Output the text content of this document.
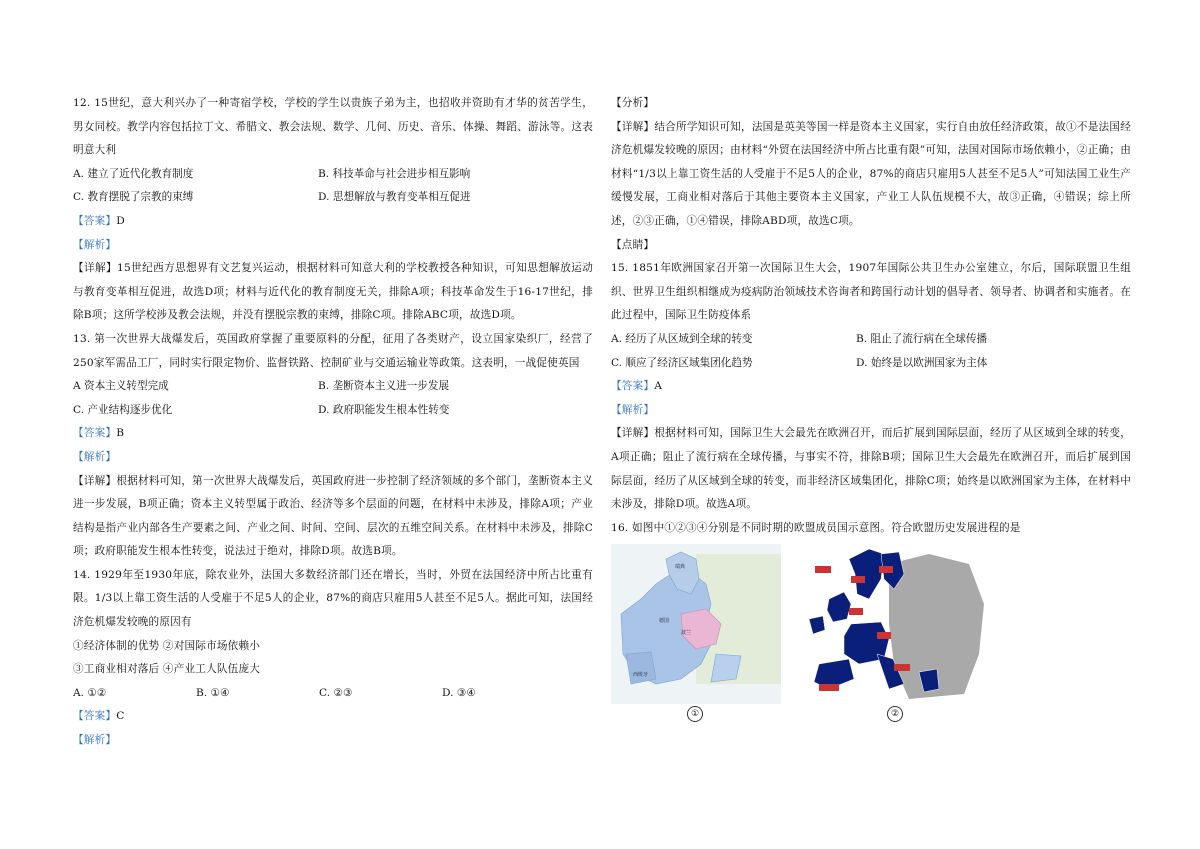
12. 15世纪，意大利兴办了一种寄宿学校，学校的学生以贵族子弟为主，也招收并资助有才华的贫苦学生，男女同校。教学内容包括拉丁文、希腊文、教会法规、数学、几何、历史、音乐、体操、舞蹈、游泳等。这表明意大利

A. 建立了近代化教育制度	B. 科技革命与社会进步相互影响
C. 教育摆脱了宗教的束缚	D. 思想解放与教育变革相互促进

【答案】D

【解析】

【详解】15世纪西方思想界有文艺复兴运动，根据材料可知意大利的学校教授各种知识，可知思想解放运动与教育变革相互促进，故选D项；材料与近代化的教育制度无关，排除A项；科技革命发生于16-17世纪，排除B项；这所学校涉及教会法规，并没有摆脱宗教的束缚，排除C项。排除ABC项，故选D项。

13. 第一次世界大战爆发后，英国政府掌握了重要原料的分配，征用了各类财产，设立国家染织厂，经营了250家军需品工厂，同时实行限定物价、监督铁路、控制矿业与交通运输业等政策。这表明，一战促使英国

A 资本主义转型完成	B. 垄断资本主义进一步发展
C. 产业结构逐步优化	D. 政府职能发生根本性转变

【答案】B

【解析】

【详解】根据材料可知，第一次世界大战爆发后，英国政府进一步控制了经济领域的多个部门，垄断资本主义进一步发展，B项正确；资本主义转型属于政治、经济等多个层面的问题，在材料中未涉及，排除A项；产业结构是指产业内部各生产要素之间、产业之间、时间、空间、层次的五维空间关系。在材料中未涉及，排除C项；政府职能发生根本性转变，说法过于绝对，排除D项。故选B项。

14. 1929年至1930年底，除农业外，法国大多数经济部门还在增长，当时，外贸在法国经济中所占比重有限。1/3以上靠工资生活的人受雇于不足5人的企业，87%的商店只雇用5人甚至不足5人。据此可知，法国经济危机爆发较晚的原因有

①经济体制的优势 ②对国际市场依赖小

③工商业相对落后 ④产业工人队伍庞大

A. ①②	B. ①④	C. ②③	D. ③④

【答案】C

【解析】

【分析】

【详解】结合所学知识可知，法国是英美等国一样是资本主义国家，实行自由放任经济政策，故①不是法国经济危机爆发较晚的原因；由材料“外贸在法国经济中所占比重有限”可知，法国对国际市场依赖小，②正确；由材料“1/3以上靠工资生活的人受雇于不足5人的企业，87%的商店只雇用5人甚至不足5人”可知法国工业生产缓慢发展，工商业相对落后于其他主要资本主义国家，产业工人队伍规模不大，故③正确，④错误；综上所述，②③正确，①④错误，排除ABD项，故选C项。

【点睛】

15. 1851年欧洲国家召开第一次国际卫生大会，1907年国际公共卫生办公室建立，尔后，国际联盟卫生组织、世界卫生组织相继成为疫病防治领域技术咨询者和跨国行动计划的倡导者、领导者、协调者和实施者。在此过程中，国际卫生防疫体系

A. 经历了从区域到全球的转变	B. 阻止了流行病在全球传播
C. 顺应了经济区域集团化趋势	D. 始终是以欧洲国家为主体

【答案】A

【解析】

【详解】根据材料可知，国际卫生大会最先在欧洲召开，而后扩展到国际层面，经历了从区域到全球的转变，A项正确；阻止了流行病在全球传播，与事实不符，排除B项；国际卫生大会最先在欧洲召开，而后扩展到国际层面，经历了从区域到全球的转变，而非经济区域集团化，排除C项；始终是以欧洲国家为主体，在材料中未涉及，排除D项。故选A项。

16. 如图中①②③④分别是不同时期的欧盟成员国示意图。符合欧盟历史发展进程的是

西班牙
波兰
德国
瑞典
①	②
